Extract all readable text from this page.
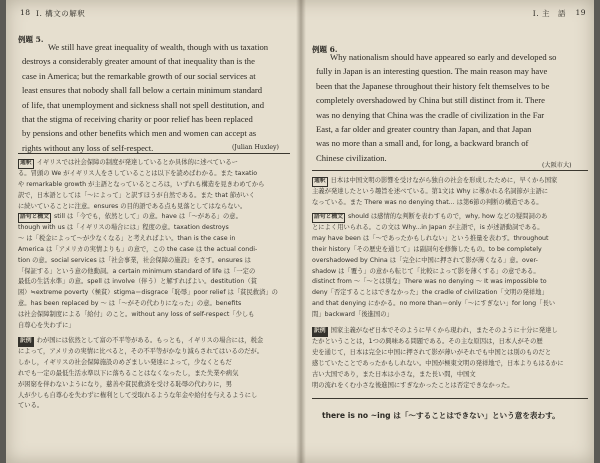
18 I. 構文の解釈
例題 5.
We still have great inequality of wealth, though with us taxation
destroys a considerably greater amount of that inequality than is the
case in America; but the remarkable growth of our social services at
least ensures that nobody shall fall below a certain minimum standard
of life, that unemployment and sickness shall not spell destitution, and
that the stigma of receiving charity or poor relief has been replaced
by pensions and other benefits which men and women can accept as
rights without any loss of self-respect.	(Julian Huxley)
通釈 イギリスでは社会保障の制度が発達しているとか具体的に述べているー
る。冒頭の We がイギリス人をさしていることは以下を読めばわかる。また taxatio
や remarkable growth が主語となっているところは，いずれも構造を見きわめてから
訳で，日本語としては「〜によって」と訳すほうが自然である。また that 節がいく
に続いていることに注意。ensures の目的語である点も見落としてはならない。
語句と構文 still は「今でも，依然として」の意。have は「〜がある」の意。
though with us は「イギリスの場合には」程度の意。taxation destroys
〜 は「税金によって〜が少なくなる」と考えればよい。than is the case in
America は「アメリカの実情よりも」の意で，この the case は the actual condi-
tion の意。social services は「社会事業，社会保障の施設」をさす。ensures は
「保証する」という意の他動詞。a certain minimum standard of life は「一定の
最低の生活水準」の意。spell は involve（伴う）と解すればよい。destitution（貧
困）≒extreme poverty（極貧）stigma＝disgrace「恥辱」poor relief は「貧民救済」の
意。has been replaced by 〜 は「〜がその代わりになった」の意。benefits
は社会保障制度による「給付」のこと。without any loss of self-respect「少しも
自尊心を失わずに」
訳例 わが国には依然として富の不平等がある。もっとも，イギリスの場合には，税金
によって，アメリカの実情に比べると，その不平等がかなり減らされてはいるのだが。
しかし，イギリスの社会保障施設のめざましい発達によって，少なくともだ
れでも一定の最低生活水準以下に落ちることはなくなったし，また失業や病気
が困窮を伴わないようになり，慈善や貧民救済を受ける恥辱の代わりに，男
人が少しも自尊心を失わずに権利として受取れるような年金や給付を与えるようにし
ている。
I. 主　語 19
例題 6.
Why nationalism should have appeared so early and developed so
fully in Japan is an interesting question. The main reason may have
been that the Japanese throughout their history felt themselves to be
completely overshadowed by China but still distinct from it. There
was no denying that China was the cradle of civilization in the Far
East, a far older and greater country than Japan, and that Japan
was no more than a small and, for long, a backward branch of
Chinese civilization.
(大阪市大)
通釈 日本は中国文明の影響を受けながら独自の社会を形成したために，早くから国家
主義が発達したという趣旨を述べている。第1文は Why に導かれる名詞節が主語に
なっている。また There was no denying that... は第6節の判断の構造である。
語句と構文 should は感情的な判断を表わすもので，why, how などの疑問詞のあ
とによく用いられる。この文は Why...in Japan が主語で，is が述語動詞である。
may have been は「〜であったかもしれない」という推量を表わす。throughout
their history「その歴史を通じて」は副詞句を修飾したもの。to be completely
overshadowed by China は「完全に中国に押されて影が薄くなる」意。over-
shadow は「覆う」の意から転じて「比較によって影を薄くする」の意である。
distinct from 〜「〜とは別な」There was no denying 〜 It was impossible to
deny「否定することはできなかった」the cradle of civilization「文明の発祥地」
and that denying にかかる。no more than＝only「〜にすぎない」for long「長い
間」backward「後進国の」
訳例 国家主義がなぜ日本でそのように早くから現われ，またそのように十分に発達し
たかということは，1つの興味ある問題である。その主な原因は，日本人がその歴
史を通じて，日本は完全に中国に押されて影が薄いがそれでも中国とは別のものだと
感じていたことであったかもしれない。中国が極東文明の発祥地で，日本よりもはるかに
古い大国であり，また日本は小さな，また長い間，中国文
明の流れをくむ小さな後進国にすぎなかったことは否定できなかった。
there is no ~ing は「〜することはできない」という意を表わす。
